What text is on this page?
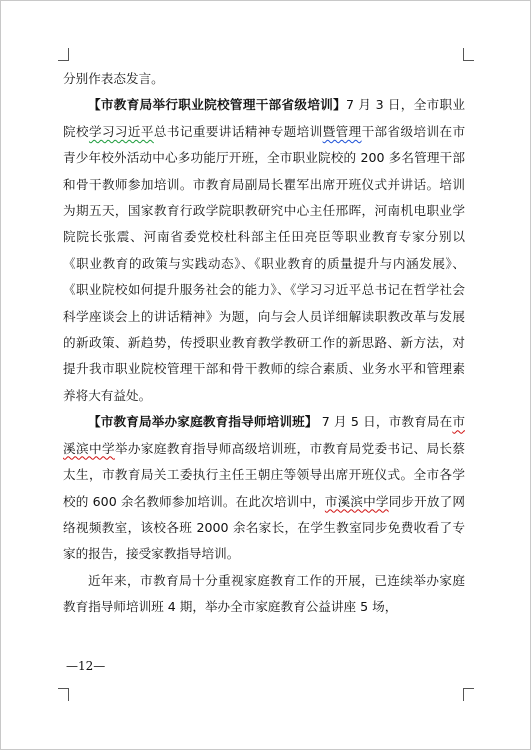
分别作表态发言。

【市教育局举行职业院校管理干部省级培训】7 月 3 日，全市职业院校学习习近平总书记重要讲话精神专题培训暨管理干部省级培训在市青少年校外活动中心多功能厅开班，全市职业院校的 200 多名管理干部和骨干教师参加培训。市教育局副局长瞿军出席开班仪式并讲话。培训为期五天，国家教育行政学院职教研究中心主任邢晖，河南机电职业学院院长张震、河南省委党校杜科部主任田亮臣等职业教育专家分别以《职业教育的政策与实践动态》、《职业教育的质量提升与内涵发展》、《职业院校如何提升服务社会的能力》、《学习习近平总书记在哲学社会科学座谈会上的讲话精神》为题，向与会人员详细解读职教改革与发展的新政策、新趋势，传授职业教育教学教研工作的新思路、新方法，对提升我市职业院校管理干部和骨干教师的综合素质、业务水平和管理素养将大有益处。

【市教育局举办家庭教育指导师培训班】 7 月 5 日，市教育局在市溪滨中学举办家庭教育指导师高级培训班，市教育局党委书记、局长蔡太生，市教育局关工委执行主任王朝庄等领导出席开班仪式。全市各学校的 600 余名教师参加培训。在此次培训中，市溪滨中学同步开放了网络视频教室，该校各班 2000 余名家长，在学生教室同步免费收看了专家的报告，接受家教指导培训。

近年来，市教育局十分重视家庭教育工作的开展，已连续举办家庭教育指导师培训班 4 期，举办全市家庭教育公益讲座 5 场，

—12—
